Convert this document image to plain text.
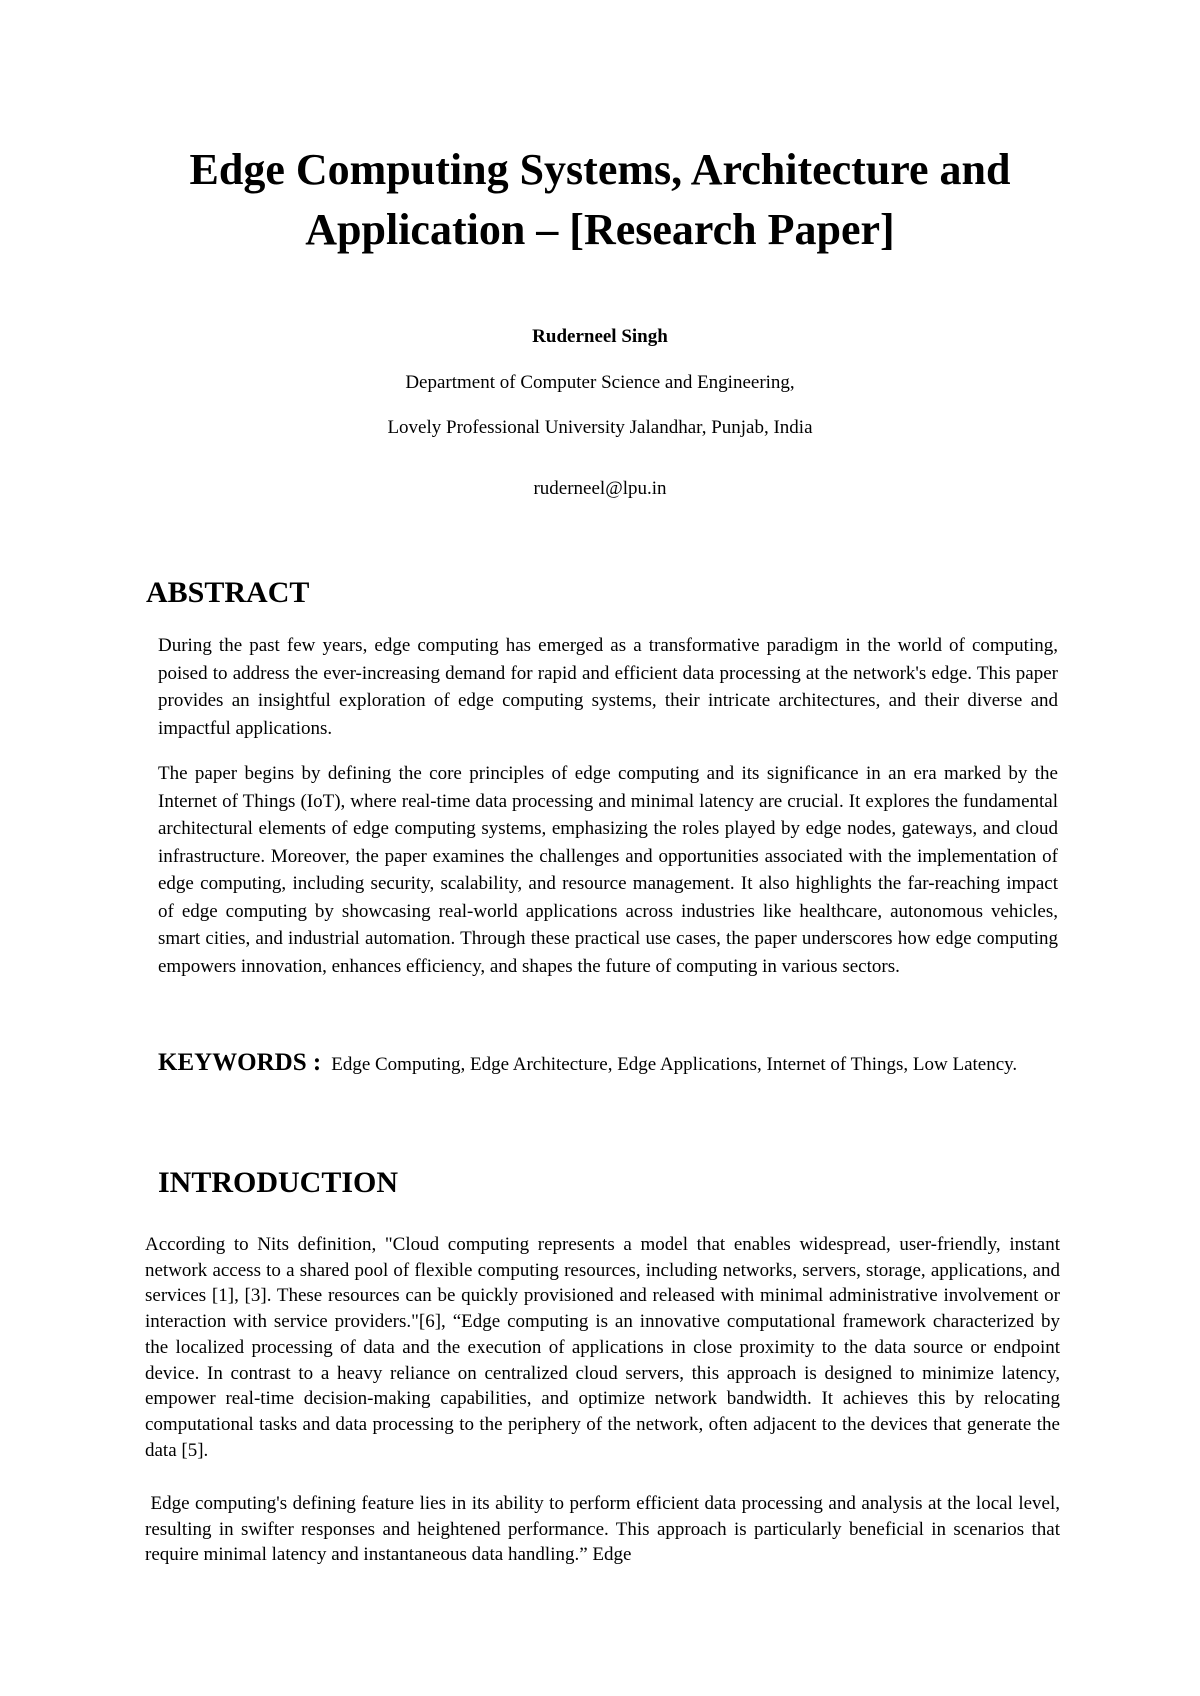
Edge Computing Systems, Architecture and
Application – [Research Paper]
Ruderneel Singh
Department of Computer Science and Engineering,
Lovely Professional University Jalandhar, Punjab, India
ruderneel@lpu.in
ABSTRACT

During the past few years, edge computing has emerged as a transformative paradigm in the world of computing, poised to address the ever-increasing demand for rapid and efficient data processing at the network's edge. This paper provides an insightful exploration of edge computing systems, their intricate architectures, and their diverse and impactful applications.

The paper begins by defining the core principles of edge computing and its significance in an era marked by the Internet of Things (IoT), where real-time data processing and minimal latency are crucial. It explores the fundamental architectural elements of edge computing systems, emphasizing the roles played by edge nodes, gateways, and cloud infrastructure. Moreover, the paper examines the challenges and opportunities associated with the implementation of edge computing, including security, scalability, and resource management. It also highlights the far-reaching impact of edge computing by showcasing real-world applications across industries like healthcare, autonomous vehicles, smart cities, and industrial automation. Through these practical use cases, the paper underscores how edge computing empowers innovation, enhances efficiency, and shapes the future of computing in various sectors.

KEYWORDS : Edge Computing, Edge Architecture, Edge Applications, Internet of Things, Low Latency.
INTRODUCTION

According to Nits definition, "Cloud computing represents a model that enables widespread, user-friendly, instant network access to a shared pool of flexible computing resources, including networks, servers, storage, applications, and services [1], [3]. These resources can be quickly provisioned and released with minimal administrative involvement or interaction with service providers."[6], “Edge computing is an innovative computational framework characterized by the localized processing of data and the execution of applications in close proximity to the data source or endpoint device. In contrast to a heavy reliance on centralized cloud servers, this approach is designed to minimize latency, empower real-time decision-making capabilities, and optimize network bandwidth. It achieves this by relocating computational tasks and data processing to the periphery of the network, often adjacent to the devices that generate the data [5].

Edge computing's defining feature lies in its ability to perform efficient data processing and analysis at the local level, resulting in swifter responses and heightened performance. This approach is particularly beneficial in scenarios that require minimal latency and instantaneous data handling.” Edge
